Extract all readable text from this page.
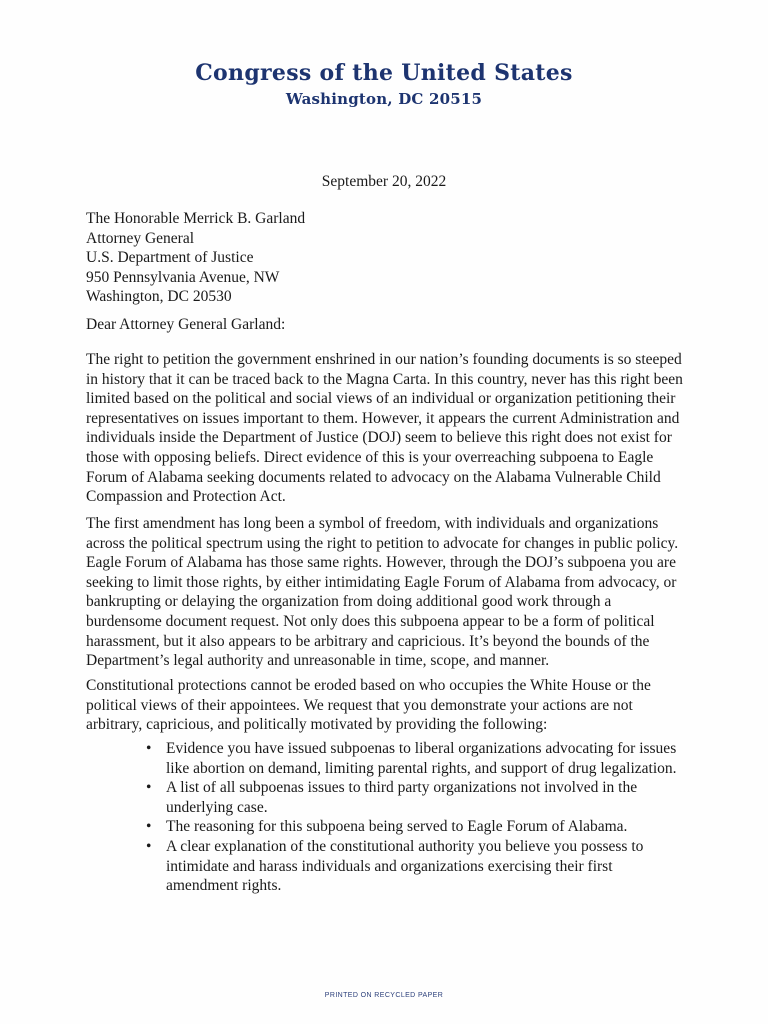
Congress of the United States
Washington, DC 20515
September 20, 2022
The Honorable Merrick B. Garland
Attorney General
U.S. Department of Justice
950 Pennsylvania Avenue, NW
Washington, DC 20530
Dear Attorney General Garland:

The right to petition the government enshrined in our nation’s founding documents is so steeped in history that it can be traced back to the Magna Carta. In this country, never has this right been limited based on the political and social views of an individual or organization petitioning their representatives on issues important to them. However, it appears the current Administration and individuals inside the Department of Justice (DOJ) seem to believe this right does not exist for those with opposing beliefs. Direct evidence of this is your overreaching subpoena to Eagle Forum of Alabama seeking documents related to advocacy on the Alabama Vulnerable Child Compassion and Protection Act.

The first amendment has long been a symbol of freedom, with individuals and organizations across the political spectrum using the right to petition to advocate for changes in public policy. Eagle Forum of Alabama has those same rights. However, through the DOJ’s subpoena you are seeking to limit those rights, by either intimidating Eagle Forum of Alabama from advocacy, or bankrupting or delaying the organization from doing additional good work through a burdensome document request. Not only does this subpoena appear to be a form of political harassment, but it also appears to be arbitrary and capricious. It’s beyond the bounds of the Department’s legal authority and unreasonable in time, scope, and manner.

Constitutional protections cannot be eroded based on who occupies the White House or the political views of their appointees. We request that you demonstrate your actions are not arbitrary, capricious, and politically motivated by providing the following:

• Evidence you have issued subpoenas to liberal organizations advocating for issues like abortion on demand, limiting parental rights, and support of drug legalization.
• A list of all subpoenas issues to third party organizations not involved in the underlying case.
• The reasoning for this subpoena being served to Eagle Forum of Alabama.
• A clear explanation of the constitutional authority you believe you possess to intimidate and harass individuals and organizations exercising their first amendment rights.
PRINTED ON RECYCLED PAPER
